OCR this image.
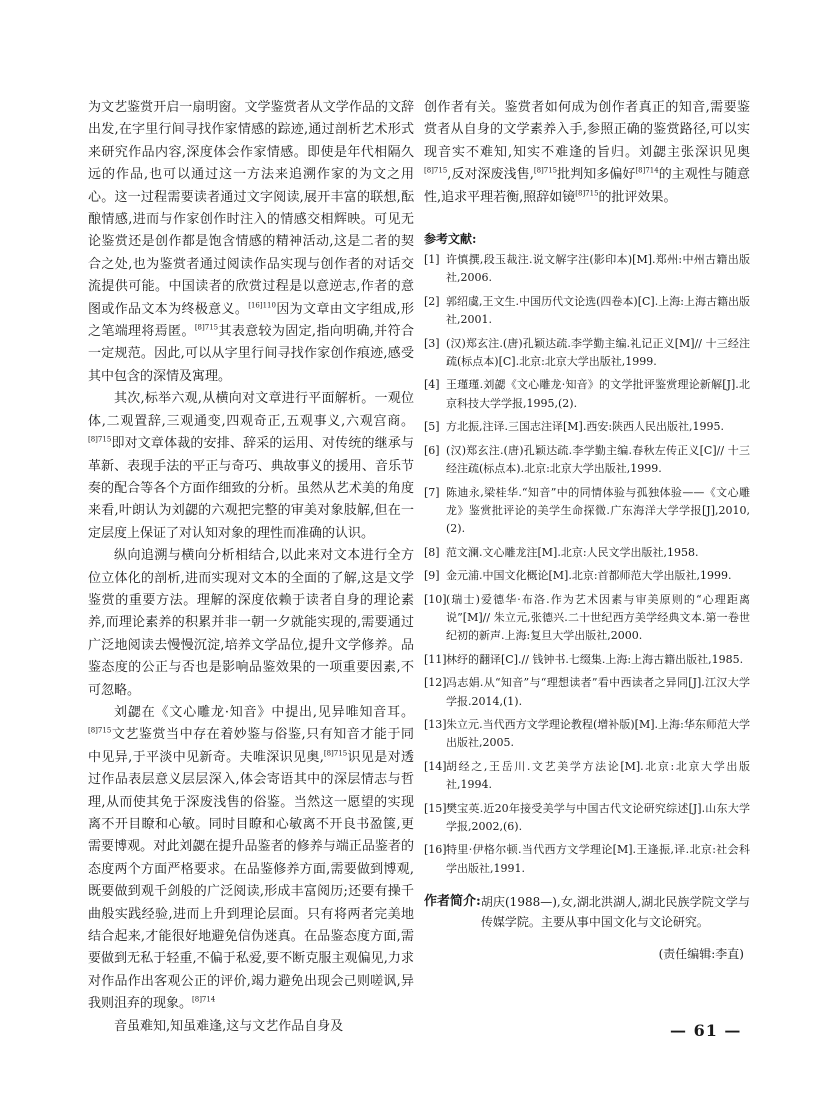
为文艺鉴赏开启一扇明窗。文学鉴赏者从文学作品的文辞出发,在字里行间寻找作家情感的踪迹,通过剖析艺术形式来研究作品内容,深度体会作家情感。即使是年代相隔久远的作品,也可以通过这一方法来追溯作家的为文之用心。这一过程需要读者通过文字阅读,展开丰富的联想,酝酿情感,进而与作家创作时注入的情感交相辉映。可见无论鉴赏还是创作都是饱含情感的精神活动,这是二者的契合之处,也为鉴赏者通过阅读作品实现与创作者的对话交流提供可能。中国读者的欣赏过程是以意逆志,作者的意图或作品文本为终极意义。$^{[16]110}$因为文章由文字组成,形之笔端理将焉匿。$^{[8]715}$其表意较为固定,指向明确,并符合一定规范。因此,可以从字里行间寻找作家创作痕迹,感受其中包含的深情及寓理。

其次,标举六观,从横向对文章进行平面解析。一观位体,二观置辞,三观通变,四观奇正,五观事义,六观宫商。$^{[8]715}$即对文章体裁的安排、辞采的运用、对传统的继承与革新、表现手法的平正与奇巧、典故事义的援用、音乐节奏的配合等各个方面作细致的分析。虽然从艺术美的角度来看,叶朗认为刘勰的六观把完整的审美对象肢解,但在一定层度上保证了对认知对象的理性而准确的认识。

纵向追溯与横向分析相结合,以此来对文本进行全方位立体化的剖析,进而实现对文本的全面的了解,这是文学鉴赏的重要方法。理解的深度依赖于读者自身的理论素养,而理论素养的积累并非一朝一夕就能实现的,需要通过广泛地阅读去慢慢沉淀,培养文学品位,提升文学修养。品鉴态度的公正与否也是影响品鉴效果的一项重要因素,不可忽略。

刘勰在《文心雕龙·知音》中提出,见异唯知音耳。$^{[8]715}$文艺鉴赏当中存在着妙鉴与俗鉴,只有知音才能于同中见异,于平淡中见新奇。夫唯深识见奥,$^{[8]715}$识见是对透过作品表层意义层层深入,体会寄语其中的深层情志与哲理,从而使其免于深废浅售的俗鉴。当然这一愿望的实现离不开目瞭和心敏。同时目瞭和心敏离不开良书盈箧,更需要博观。对此刘勰在提升品鉴者的修养与端正品鉴者的态度两个方面严格要求。在品鉴修养方面,需要做到博观,既要做到观千剑般的广泛阅读,形成丰富阅历;还要有操千曲般实践经验,进而上升到理论层面。只有将两者完美地结合起来,才能很好地避免信伪迷真。在品鉴态度方面,需要做到无私于轻重,不偏于私爱,要不断克服主观偏见,力求对作品作出客观公正的评价,竭力避免出现会己则嗟讽,异我则沮弃的现象。$^{[8]714}$

音虽难知,知虽难逢,这与文艺作品自身及

创作者有关。鉴赏者如何成为创作者真正的知音,需要鉴赏者从自身的文学素养入手,参照正确的鉴赏路径,可以实现音实不难知,知实不难逢的旨归。刘勰主张深识见奥$^{[8]715}$,反对深废浅售,$^{[8]715}$批判知多偏好$^{[8]714}$的主观性与随意性,追求平理若衡,照辞如镜$^{[8]715}$的批评效果。

参考文献:
[1] 许慎撰,段玉裁注.说文解字注(影印本)[M].郑州:中州古籍出版社,2006.
[2] 郭绍虞,王文生.中国历代文论选(四卷本)[C].上海:上海古籍出版社,2001.
[3] (汉)郑玄注.(唐)孔颖达疏.李学勤主编.礼记正义[M]// 十三经注疏(标点本)[C].北京:北京大学出版社,1999.
[4] 王瑾瑾.刘勰《文心雕龙·知音》的文学批评鉴赏理论新解[J].北京科技大学学报,1995,(2).
[5] 方北振,注译.三国志注译[M].西安:陕西人民出版社,1995.
[6] (汉)郑玄注.(唐)孔颖达疏.李学勤主编.春秋左传正义[C]// 十三经注疏(标点本).北京:北京大学出版社,1999.
[7] 陈迪永,梁桂华.“知音”中的同情体验与孤独体验——《文心雕龙》鉴赏批评论的美学生命探微.广东海洋大学学报[J],2010,(2).
[8] 范文澜.文心雕龙注[M].北京:人民文学出版社,1958.
[9] 金元浦.中国文化概论[M].北京:首都师范大学出版社,1999.
[10] (瑞士)爱德华·布洛.作为艺术因素与审美原则的“心理距离说”[M]// 朱立元,张德兴.二十世纪西方美学经典文本.第一卷世纪初的新声.上海:复旦大学出版社,2000.
[11] 林纾的翻译[C].// 钱钟书.七缀集.上海:上海古籍出版社,1985.
[12] 冯志娟.从“知音”与“理想读者”看中西读者之异同[J].江汉大学学报.2014,(1).
[13] 朱立元.当代西方文学理论教程(增补版)[M].上海:华东师范大学出版社,2005.
[14] 胡经之,王岳川.文艺美学方法论[M].北京:北京大学出版社,1994.
[15] 樊宝英.近20年接受美学与中国古代文论研究综述[J].山东大学学报,2002,(6).
[16] 特里·伊格尔顿.当代西方文学理论[M].王逢振,译.北京:社会科学出版社,1991.
作者简介: 胡庆(1988—),女,湖北洪湖人,湖北民族学院文学与传媒学院。主要从事中国文化与文论研究。
(责任编辑:李直)
— 61 —
